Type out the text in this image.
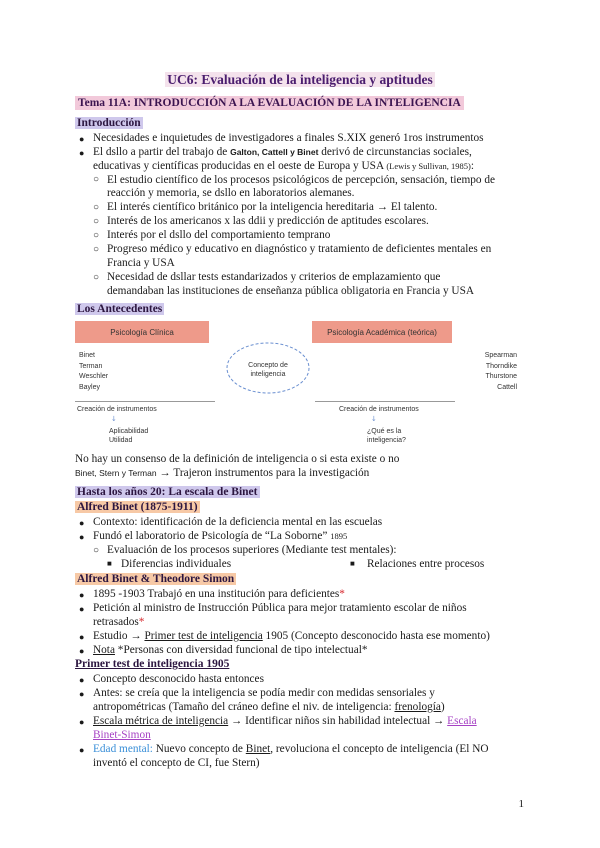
UC6: Evaluación de la inteligencia y aptitudes
Tema 11A: INTRODUCCIÓN A LA EVALUACIÓN DE LA INTELIGENCIA
Introducción
● Necesidades e inquietudes de investigadores a finales S.XIX generó 1ros instrumentos
● El dsllo a partir del trabajo de Galton, Cattell y Binet derivó de circunstancias sociales,
educativas y científicas producidas en el oeste de Europa y USA (Lewis y Sullivan, 1985):
○ El estudio científico de los procesos psicológicos de percepción, sensación, tiempo de
reacción y memoria, se dsllo en laboratorios alemanes.
○ El interés científico británico por la inteligencia hereditaria → El talento.
○ Interés de los americanos x las ddii y predicción de aptitudes escolares.
○ Interés por el dsllo del comportamiento temprano
○ Progreso médico y educativo en diagnóstico y tratamiento de deficientes mentales en
Francia y USA
○ Necesidad de dsllar tests estandarizados y criterios de emplazamiento que
demandaban las instituciones de enseñanza pública obligatoria en Francia y USA
Los Antecedentes
Psicología Clínica	Psicología Académica (teórica)
Binet
Terman
Weschler
Bayley
Spearman
Thorndike
Thurstone
Cattell
Concepto de
inteligencia
Creación de instrumentos	Creación de instrumentos
↓	↓
Aplicabilidad
Utilidad
¿Qué es la
inteligencia?
No hay un consenso de la definición de inteligencia o si esta existe o no
Binet, Stern y Terman → Trajeron instrumentos para la investigación
Hasta los años 20: La escala de Binet
Alfred Binet (1875-1911)
● Contexto: identificación de la deficiencia mental en las escuelas
● Fundó el laboratorio de Psicología de “La Soborne” 1895
○ Evaluación de los procesos superiores (Mediante test mentales):
■ Diferencias individuales	■ Relaciones entre procesos
Alfred Binet & Theodore Simon
● 1895 -1903 Trabajó en una institución para deficientes*
● Petición al ministro de Instrucción Pública para mejor tratamiento escolar de niños
retrasados*
● Estudio → Primer test de inteligencia 1905 (Concepto desconocido hasta ese momento)
● Nota *Personas con diversidad funcional de tipo intelectual*
Primer test de inteligencia 1905
● Concepto desconocido hasta entonces
● Antes: se creía que la inteligencia se podía medir con medidas sensoriales y
antropométricas (Tamaño del cráneo define el niv. de inteligencia: frenología)
● Escala métrica de inteligencia → Identificar niños sin habilidad intelectual → Escala
Binet-Simon
● Edad mental: Nuevo concepto de Binet, revoluciona el concepto de inteligencia (El NO
inventó el concepto de CI, fue Stern)
1
